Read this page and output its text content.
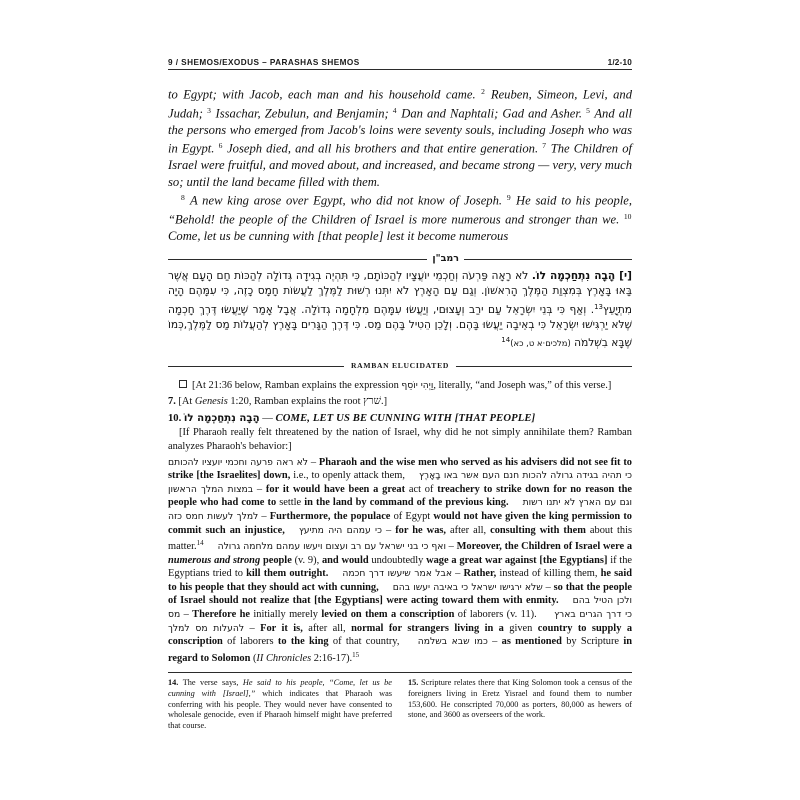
9 / SHEMOS/EXODUS – PARASHAS SHEMOS	1/2-10

to Egypt; with Jacob, each man and his household came. $^2$ Reuben, Simeon, Levi, and Judah; $^3$ Issachar, Zebulun, and Benjamin; $^4$ Dan and Naphtali; Gad and Asher. $^5$ And all the persons who emerged from Jacob's loins were seventy souls, including Joseph who was in Egypt. $^6$ Joseph died, and all his brothers and that entire generation. $^7$ The Children of Israel were fruitful, and moved about, and increased, and became strong — very, very much so; until the land became filled with them.

$^8$ A new king arose over Egypt, who did not know of Joseph. $^9$ He said to his people, “Behold! the people of the Children of Israel is more numerous and stronger than we. $^{10}$ Come, let us be cunning with [that people] lest it become numerous

רמב"ן

[י] הָבָה נִתְחַכְמָה לוֹ. לֹא רָאָה פַּרְעֹה וְחַכְמֵי יוֹעֲצָיו לְהַכּוֹתָם, כִּי תִּהְיֶה בְגִידָה גְּדוֹלָה לְהַכּוֹת חַם הָעָם אֲשֶׁר בָּאוּ בָּאָרֶץ בְּמִצְוַת הַמֶּלֶךְ הָרִאשׁוֹן. וְגַם עַם הָאָרֶץ לֹא יִתְּנוּ רְשׁוּת לַמֶּלֶךְ לַעֲשׂוֹת חָמָס כָזֶה, כִּי עִמָּהֶם הָיָה מִתְיָֻעֵץ$^{13}$. וְאַף כִּי בְּנֵי יִשְׂרָאֵל עַם ירַב וְעָצוּםי, וְיַעֲשׂוּ עִמָּהֶם מִלְחָמָה גְדוֹלָה. אֲבָל אָמַר שֶׁיַעֲשׂוּ דֶּרֶךְ חָכְמָה שֶׁלֹּא יַרְגִּישׁוּ יִשְׂרָאֵל כִּי בְאֵיבָה יַעֲשׂוּ בָּהֶם. וְלָכֵן הֵטִיל בָּהֶם מַס. כִּי דֶּרֶךְ הַגָּרִים בָּאָרֶץ לְהַעֲלוֹת מַס לַמֶּלֶךְ,כְּמוֹ שֶׁבָּא בִשְׁלמֹה (מלכים·א ט, כא)$^{14}$

RAMBAN ELUCIDATED

[At 21:36 below, Ramban explains the expression וַיְהִי יוֹסֵף, literally, “and Joseph was,” of this verse.]

7. [At Genesis 1:20, Ramban explains the root שׁרץ.]

10. הָבָה נִתְחַכְמָה לוֹ — COME, LET US BE CUNNING WITH [THAT PEOPLE]

[If Pharaoh really felt threatened by the nation of Israel, why did he not simply annihilate them? Ramban analyzes Pharaoh's behavior:]

לֹא ראה פרעה וחכמי יועציו להכותם – Pharaoh and the wise men who served as his advisers did not see fit to strike [the Israelites] down, i.e., to openly attack them, כי תהיה בגידה גרולה להכות חנם העם אשר באו בָאָרֶץ במצות המלך הראשון – for it would have been a great act of treachery to strike down for no reason the people who had come to settle in the land by command of the previous king. וגם עם הארץ לא יתנו רשות למלך לעשות חמס כזה – Furthermore, the populace of Egypt would not have given the king permission to commit such an injustice, כי עמהם היה מתיעץ – for he was, after all, consulting with them about this matter.$^{14}$ ואף כי בני ישראל עם רב ועצום ויעשו עמהם מלחמה גרולה – Moreover, the Children of Israel were a numerous and strong people (v. 9), and would undoubtedly wage a great war against [the Egyptians] if the Egyptians tried to kill them outright. אבל אמר שיעשו דרך חכמה – Rather, instead of killing them, he said to his people that they should act with cunning, שלא ירגישו ישראל כי באיבה יעשו בהם – so that the people of Israel should not realize that [the Egyptians] were acting toward them with enmity. ולכן הטיל בהם מס – Therefore he initially merely levied on them a conscription of laborers (v. 11). כי דרך הגרים בארץ להעלות מס למלך – For it is, after all, normal for strangers living in a given country to supply a conscription of laborers to the king of that country, כמו שבא בשלמה – as mentioned by Scripture in regard to Solomon (II Chronicles 2:16-17).$^{15}$

14. The verse says, He said to his people, “Come, let us be cunning with [Israel],” which indicates that Pharaoh was conferring with his people. They would never have consented to wholesale genocide, even if Pharaoh himself might have preferred that course.

15. Scripture relates there that King Solomon took a census of the foreigners living in Eretz Yisrael and found them to number 153,600. He conscripted 70,000 as porters, 80,000 as hewers of stone, and 3600 as overseers of the work.
